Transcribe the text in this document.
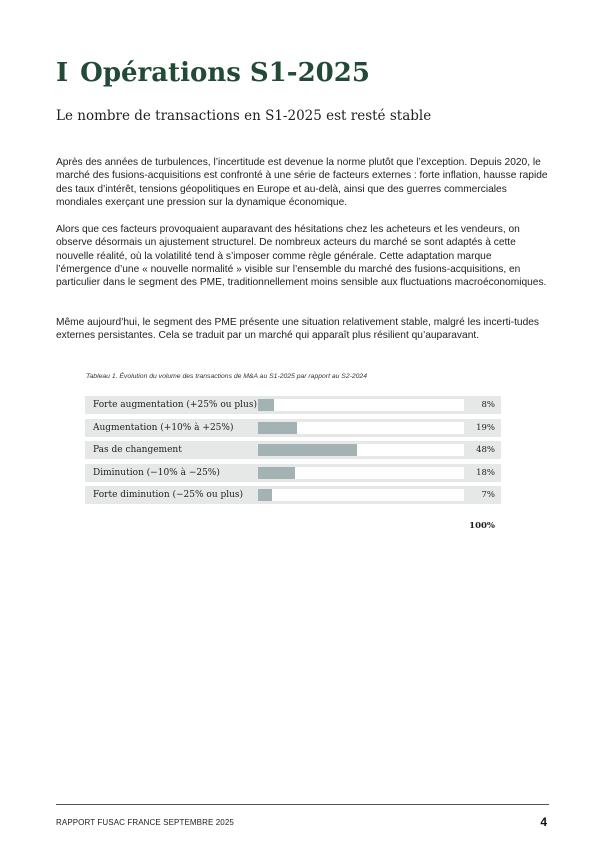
I Opérations S1-2025
Le nombre de transactions en S1-2025 est resté stable

Après des années de turbulences, l’incertitude est devenue la norme plutôt que l’exception. Depuis 2020, le marché des fusions-acquisitions est confronté à une série de facteurs externes : forte inflation, hausse rapide des taux d’intérêt, tensions géopolitiques en Europe et au-delà, ainsi que des guerres commerciales mondiales exerçant une pression sur la dynamique économique.

Alors que ces facteurs provoquaient auparavant des hésitations chez les acheteurs et les vendeurs, on observe désormais un ajustement structurel. De nombreux acteurs du marché se sont adaptés à cette nouvelle réalité, où la volatilité tend à s’imposer comme règle générale. Cette adaptation marque l’émergence d’une « nouvelle normalité » visible sur l’ensemble du marché des fusions-acquisitions, en particulier dans le segment des PME, traditionnellement moins sensible aux fluctuations macroéconomiques.

Même aujourd’hui, le segment des PME présente une situation relativement stable, malgré les incerti-tudes externes persistantes. Cela se traduit par un marché qui apparaît plus résilient qu’auparavant.

Tableau 1. Évolution du volume des transactions de M&A au S1-2025 par rapport au S2-2024

Forte augmentation (+25% ou plus)	8%
Augmentation (+10% à +25%)	19%
Pas de changement	48%
Diminution (−10% à −25%)	18%
Forte diminution (−25% ou plus)	7%
100%
RAPPORT FUSAC FRANCE SEPTEMBRE 2025	4
